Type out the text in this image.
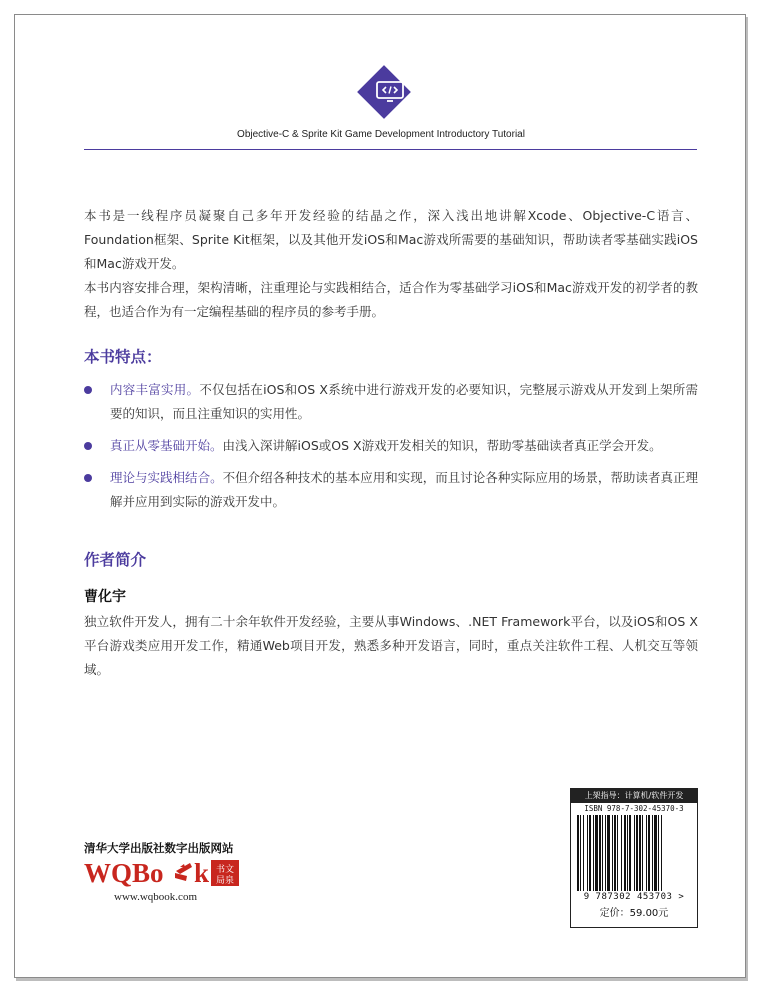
Objective-C & Sprite Kit Game Development Introductory Tutorial

本书是一线程序员凝聚自己多年开发经验的结晶之作，深入浅出地讲解Xcode、Objective-C语言、Foundation框架、Sprite Kit框架，以及其他开发iOS和Mac游戏所需要的基础知识，帮助读者零基础实践iOS和Mac游戏开发。

本书内容安排合理，架构清晰，注重理论与实践相结合，适合作为零基础学习iOS和Mac游戏开发的初学者的教程，也适合作为有一定编程基础的程序员的参考手册。

本书特点：
内容丰富实用。不仅包括在iOS和OS X系统中进行游戏开发的必要知识，完整展示游戏从开发到上架所需要的知识，而且注重知识的实用性。
真正从零基础开始。由浅入深讲解iOS或OS X游戏开发相关的知识，帮助零基础读者真正学会开发。
理论与实践相结合。不但介绍各种技术的基本应用和实现，而且讨论各种实际应用的场景，帮助读者真正理解并应用到实际的游戏开发中。
作者简介

曹化宇

独立软件开发人，拥有二十余年软件开发经验，主要从事Windows、.NET Framework平台，以及iOS和OS X平台游戏类应用开发工作，精通Web项目开发，熟悉多种开发语言，同时，重点关注软件工程、人机交互等领域。

清华大学出版社数字出版网站
WQBo k 书文
局泉
www.wqbook.com
上架指导：计算机/软件开发
ISBN 978-7-302-45370-3
9 787302 453703 >
定价：59.00元
